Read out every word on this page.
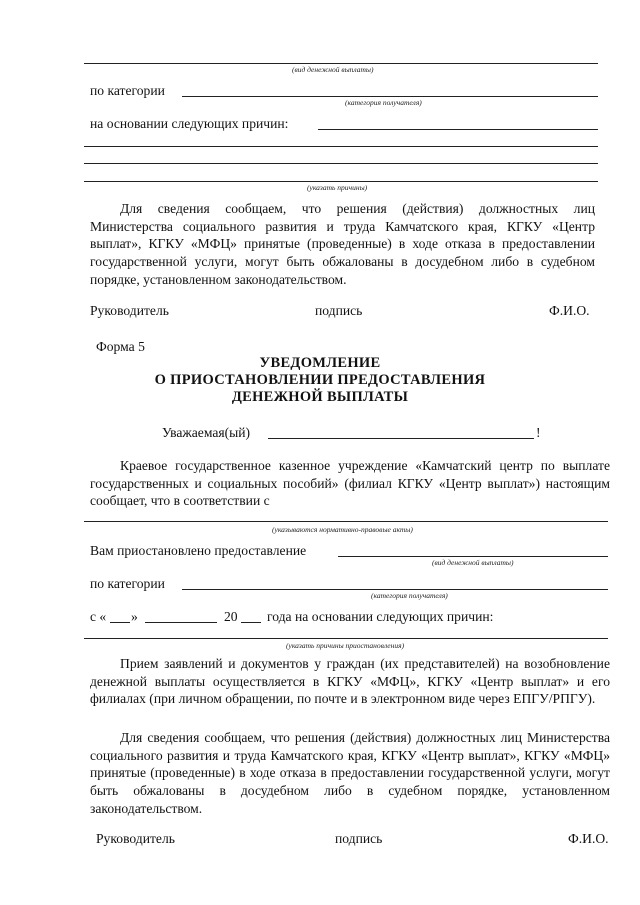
(вид денежной выплаты)
по категории
(категория получателя)
на основании следующих причин:
(указать причины)
Для сведения сообщаем, что решения (действия) должностных лиц Министерства социального развития и труда Камчатского края, КГКУ «Центр выплат», КГКУ «МФЦ» принятые (проведенные) в ходе отказа в предоставлении государственной услуги, могут быть обжалованы в досудебном либо в судебном порядке, установленном законодательством.
Руководитель	подпись	Ф.И.О.
Форма 5
УВЕДОМЛЕНИЕ
О ПРИОСТАНОВЛЕНИИ ПРЕДОСТАВЛЕНИЯ
ДЕНЕЖНОЙ ВЫПЛАТЫ
Уважаемая(ый)	!
Краевое государственное казенное учреждение «Камчатский центр по выплате государственных и социальных пособий» (филиал КГКУ «Центр выплат») настоящим сообщает, что в соответствии с
(указываются нормативно-правовые акты)
Вам приостановлено предоставление
(вид денежной выплаты)
по категории
(категория получателя)
с « »	20 года на основании следующих причин:
(указать причины приостановления)
Прием заявлений и документов у граждан (их представителей) на возобновление денежной выплаты осуществляется в КГКУ «МФЦ», КГКУ «Центр выплат» и его филиалах (при личном обращении, по почте и в электронном виде через ЕПГУ/РПГУ).
Для сведения сообщаем, что решения (действия) должностных лиц Министерства социального развития и труда Камчатского края, КГКУ «Центр выплат», КГКУ «МФЦ» принятые (проведенные) в ходе отказа в предоставлении государственной услуги, могут быть обжалованы в досудебном либо в судебном порядке, установленном законодательством.
Руководитель	подпись	Ф.И.О.
